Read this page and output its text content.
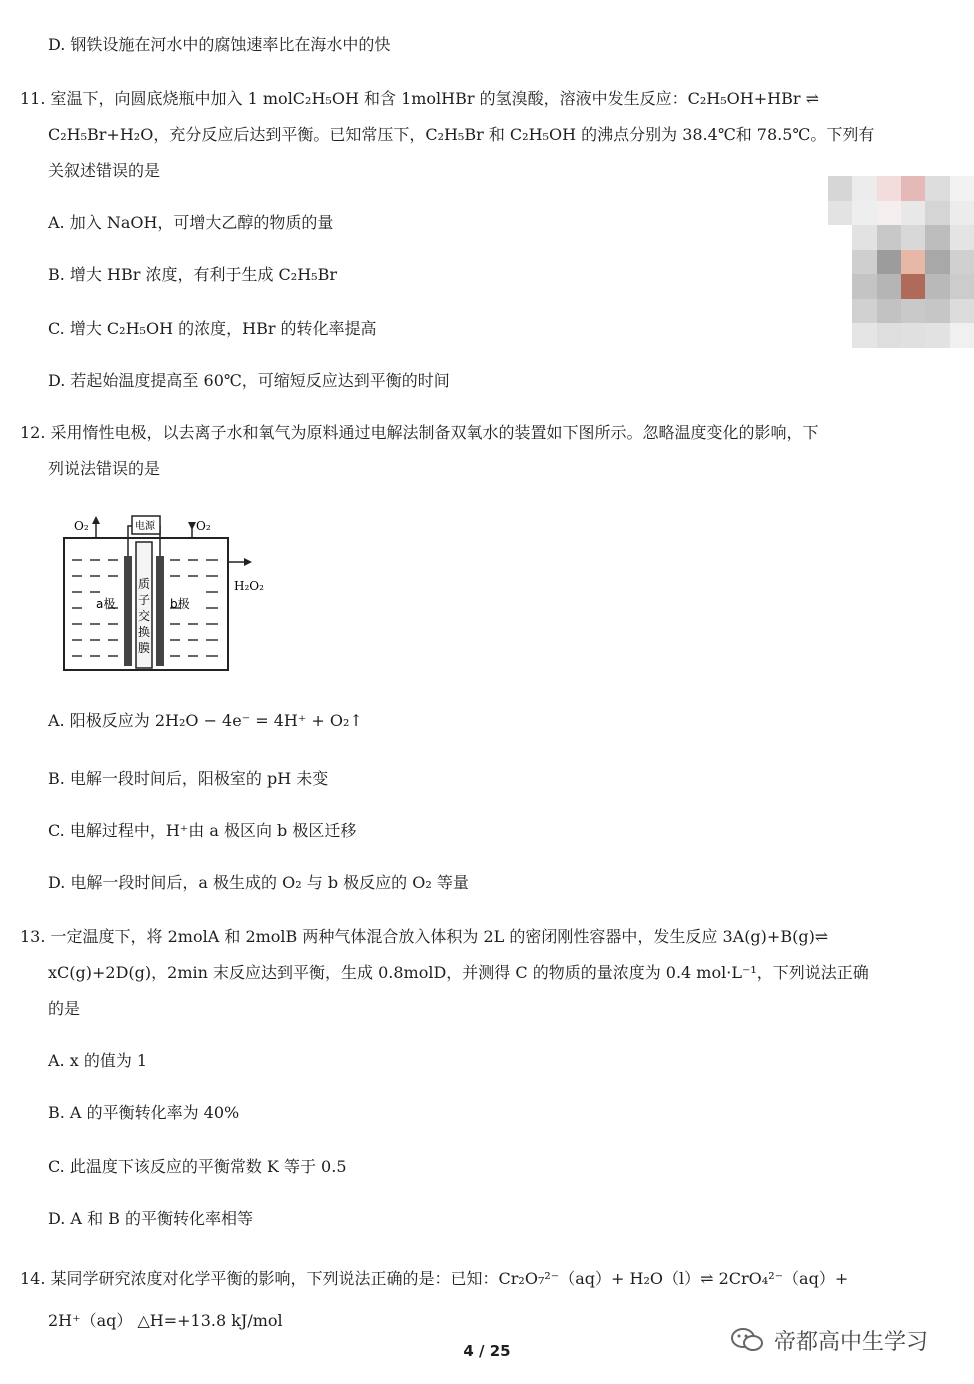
D. 钢铁设施在河水中的腐蚀速率比在海水中的快
11. 室温下，向圆底烧瓶中加入 1 molC₂H₅OH 和含 1molHBr 的氢溴酸，溶液中发生反应：C₂H₅OH+HBr ⇌
C₂H₅Br+H₂O，充分反应后达到平衡。已知常压下，C₂H₅Br 和 C₂H₅OH 的沸点分别为 38.4℃和 78.5℃。下列有
关叙述错误的是
A. 加入 NaOH，可增大乙醇的物质的量
B. 增大 HBr 浓度，有利于生成 C₂H₅Br
C. 增大 C₂H₅OH 的浓度，HBr 的转化率提高
D. 若起始温度提高至 60℃，可缩短反应达到平衡的时间
12. 采用惰性电极，以去离子水和氧气为原料通过电解法制备双氧水的装置如下图所示。忽略温度变化的影响，下
列说法错误的是
O₂	O₂
电源
H₂O₂
a极	b极
质
子
交
换
膜
A. 阳极反应为 2H₂O − 4e⁻ = 4H⁺ + O₂↑
B. 电解一段时间后，阳极室的 pH 未变
C. 电解过程中，H⁺由 a 极区向 b 极区迁移
D. 电解一段时间后，a 极生成的 O₂ 与 b 极反应的 O₂ 等量
13. 一定温度下，将 2molA 和 2molB 两种气体混合放入体积为 2L 的密闭刚性容器中，发生反应 3A(g)+B(g)⇌
xC(g)+2D(g)，2min 末反应达到平衡，生成 0.8molD，并测得 C 的物质的量浓度为 0.4 mol·L⁻¹，下列说法正确
的是
A. x 的值为 1
B. A 的平衡转化率为 40%
C. 此温度下该反应的平衡常数 K 等于 0.5
D. A 和 B 的平衡转化率相等
14. 某同学研究浓度对化学平衡的影响，下列说法正确的是：已知：Cr₂O₇²⁻（aq）+ H₂O（l）⇌ 2CrO₄²⁻（aq）+
2H⁺（aq） △H=+13.8 kJ/mol
4 / 25	帝都高中生学习
